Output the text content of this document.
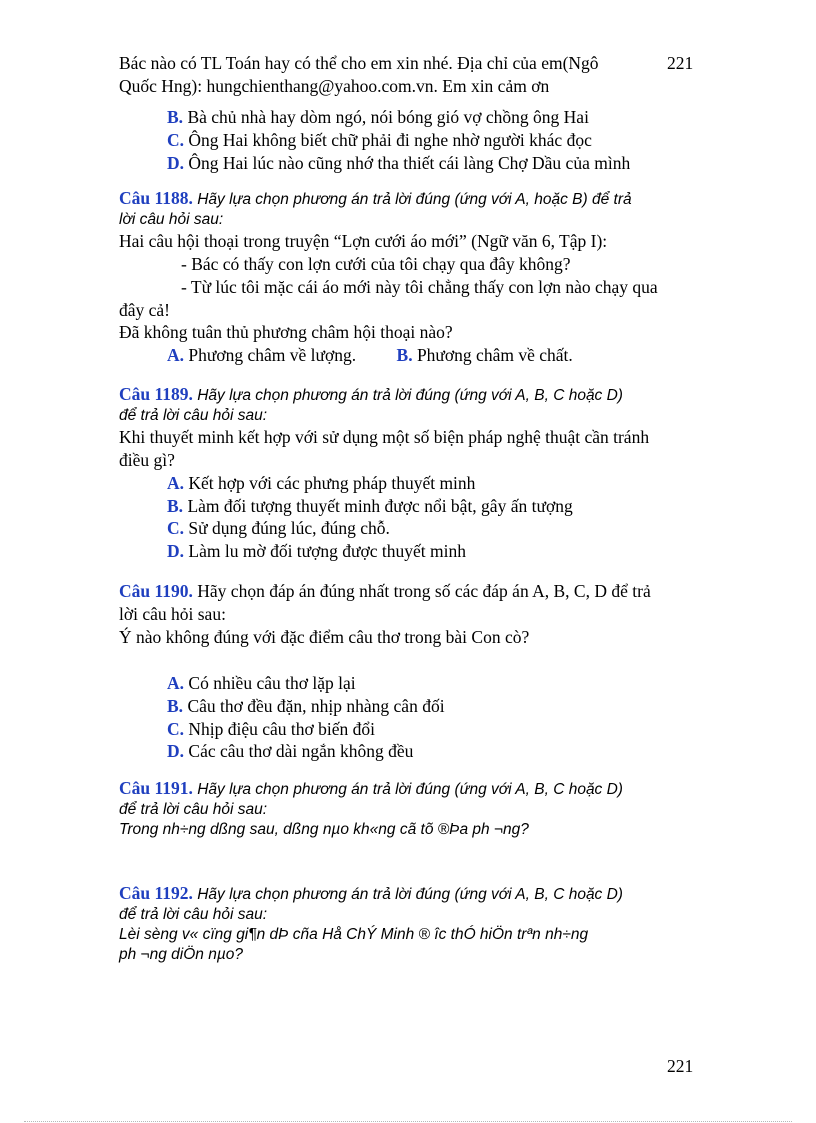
Bác nào có TL Toán hay có thể cho em xin nhé. Địa chỉ của em(Ngô
Quốc Hng): hungchienthang@yahoo.com.vn. Em xin cảm ơn
221
B. Bà chủ nhà hay dòm ngó, nói bóng gió vợ chồng ông Hai
C. Ông Hai không biết chữ phải đi nghe nhờ người khác đọc
D. Ông Hai lúc nào cũng nhớ tha thiết cái làng Chợ Dầu của mình
Câu 1188. Hãy lựa chọn phương án trả lời đúng (ứng với A, hoặc B) để trả
lời câu hỏi sau:
Hai câu hội thoại trong truyện “Lợn cưới áo mới” (Ngữ văn 6, Tập I):
- Bác có thấy con lợn cưới của tôi chạy qua đây không?
- Từ lúc tôi mặc cái áo mới này tôi chẳng thấy con lợn nào chạy qua
đây cả!
Đã không tuân thủ phương châm hội thoại nào?
A. Phương châm về lượng. B. Phương châm về chất.
Câu 1189. Hãy lựa chọn phương án trả lời đúng (ứng với A, B, C hoặc D)
để trả lời câu hỏi sau:
Khi thuyết minh kết hợp với sử dụng một số biện pháp nghệ thuật cần tránh
điều gì?
A. Kết hợp với các phưng pháp thuyết minh
B. Làm đối tượng thuyết minh được nổi bật, gây ấn tượng
C. Sử dụng đúng lúc, đúng chỗ.
D. Làm lu mờ đối tượng được thuyết minh
Câu 1190. Hãy chọn đáp án đúng nhất trong số các đáp án A, B, C, D để trả
lời câu hỏi sau:
Ý nào không đúng với đặc điểm câu thơ trong bài Con cò?
A. Có nhiều câu thơ lặp lại
B. Câu thơ đều đặn, nhịp nhàng cân đối
C. Nhịp điệu câu thơ biến đổi
D. Các câu thơ dài ngắn không đều
Câu 1191. Hãy lựa chọn phương án trả lời đúng (ứng với A, B, C hoặc D)
để trả lời câu hỏi sau:
Trong nh÷ng dßng sau, dßng nµo kh«ng cã tõ ®Þa ph ¬ng?
Câu 1192. Hãy lựa chọn phương án trả lời đúng (ứng với A, B, C hoặc D)
để trả lời câu hỏi sau:
Lèi sèng v« cïng gi¶n dÞ cña Hå ChÝ Minh ® îc thÓ hiÖn trªn nh÷ng
ph ¬ng diÖn nµo?
221
